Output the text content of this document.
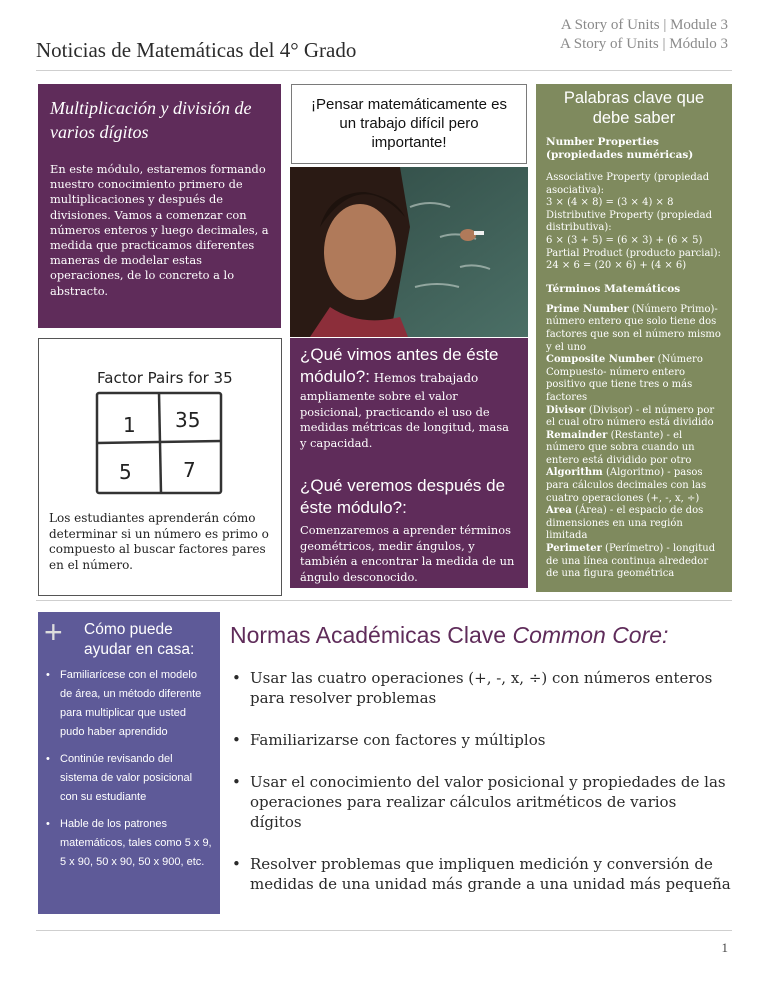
Noticias de Matemáticas del 4° Grado
A Story of Units | Module 3
A Story of Units | Módulo 3
Multiplicación y división de varios dígitos
En este módulo, estaremos formando nuestro conocimiento primero de multiplicaciones y después de divisiones. Vamos a comenzar con números enteros y luego decimales, a medida que practicamos diferentes maneras de modelar estas operaciones, de lo concreto a lo abstracto.
¡Pensar matemáticamente es un trabajo difícil pero importante!
Palabras clave que debe saber
Number Properties (propiedades numéricas)
Associative Property (propiedad asociativa):
3 × (4 × 8) = (3 × 4) × 8
Distributive Property (propiedad distributiva):
6 × (3 + 5) = (6 × 3) + (6 × 5)
Partial Product (producto parcial):
24 × 6 = (20 × 6) + (4 × 6)
Términos Matemáticos
Prime Number (Número Primo)- número entero que solo tiene dos factores que son el número mismo y el uno
Composite Number (Número Compuesto- número entero positivo que tiene tres o más factores
Divisor (Divisor) - el número por el cual otro número está dividido
Remainder (Restante) - el número que sobra cuando un entero está dividido por otro
Algorithm (Algoritmo) - pasos para cálculos decimales con las cuatro operaciones (+, -, x, ÷)
Area (Área) - el espacio de dos dimensiones en una región limitada
Perimeter (Perímetro) - longitud de una línea continua alrededor de una figura geométrica
Factor Pairs for 35
1 35
5	7
Los estudiantes aprenderán cómo determinar si un número es primo o compuesto al buscar factores pares en el número.
¿Qué vimos antes de éste módulo?: Hemos trabajado
ampliamente sobre el valor posicional, practicando el uso de medidas métricas de longitud, masa y capacidad.
¿Qué veremos después de éste módulo?:
Comenzaremos a aprender términos geométricos, medir ángulos, y también a encontrar la medida de un ángulo desconocido.
+ Cómo puede
ayudar en casa:
• Familiarícese con el modelo de área, un método diferente para multiplicar que usted pudo haber aprendido
• Continúe revisando del sistema de valor posicional con su estudiante
• Hable de los patrones matemáticos, tales como 5 x 9, 5 x 90, 50 x 90, 50 x 900, etc.
Normas Académicas Clave Common Core:
• Usar las cuatro operaciones (+, -, x, ÷) con números enteros para resolver problemas
• Familiarizarse con factores y múltiplos
• Usar el conocimiento del valor posicional y propiedades de las operaciones para realizar cálculos aritméticos de varios dígitos
• Resolver problemas que impliquen medición y conversión de medidas de una unidad más grande a una unidad más pequeña
1
